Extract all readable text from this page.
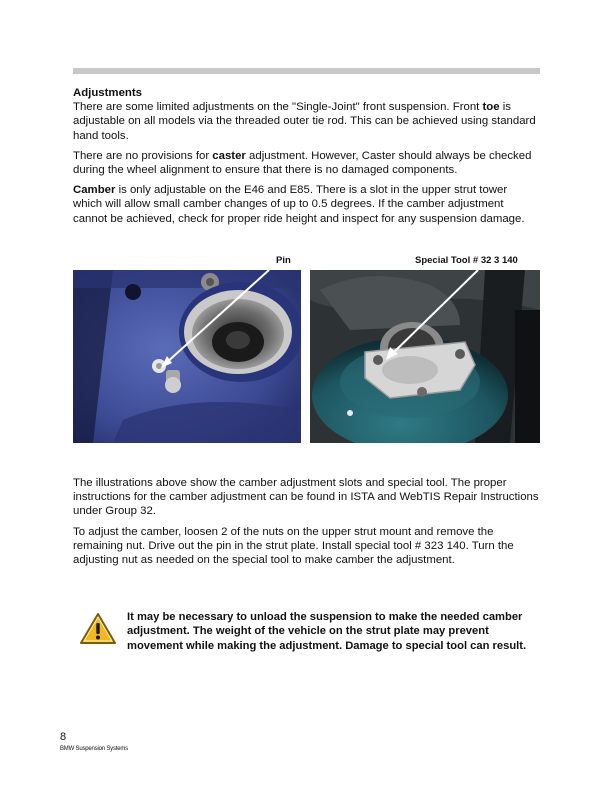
Adjustments
There are some limited adjustments on the "Single-Joint" front suspension. Front toe is adjustable on all models via the threaded outer tie rod. This can be achieved using standard hand tools.

There are no provisions for caster adjustment. However, Caster should always be checked during the wheel alignment to ensure that there is no damaged components.

Camber is only adjustable on the E46 and E85. There is a slot in the upper strut tower which will allow small camber changes of up to 0.5 degrees. If the camber adjustment cannot be achieved, check for proper ride height and inspect for any suspension damage.

Pin	Special Tool # 32 3 140

The illustrations above show the camber adjustment slots and special tool. The proper instructions for the camber adjustment can be found in ISTA and WebTIS Repair Instructions under Group 32.

To adjust the camber, loosen 2 of the nuts on the upper strut mount and remove the remaining nut. Drive out the pin in the strut plate. Install special tool # 323 140. Turn the adjusting nut as needed on the special tool to make camber the adjustment.

It may be necessary to unload the suspension to make the needed camber adjustment. The weight of the vehicle on the strut plate may prevent movement while making the adjustment. Damage to special tool can result.
8
BMW Suspension Systems
